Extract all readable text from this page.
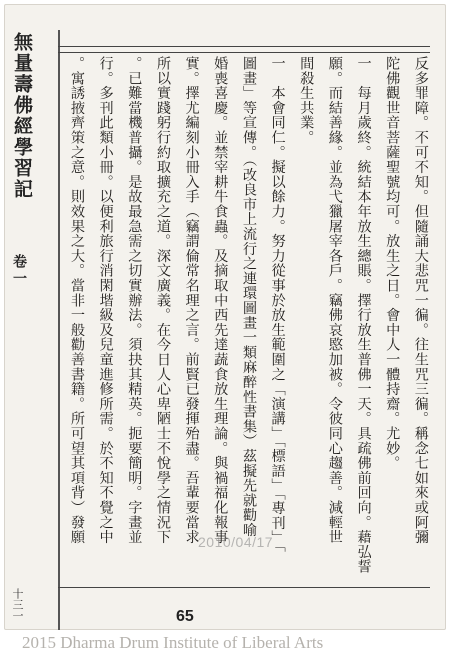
無量壽佛經學習記
卷一
十三一
反多罪障。不可不知。但隨誦大悲咒一徧。往生咒三徧。稱念七如來或阿彌
陀佛觀世音菩薩聖號均可。放生之日。會中人一體持齋。尤妙。
一　每月歲終。統結本年放生總賬。擇行放生普佛一天。具疏佛前回向。藉弘誓
願。而結善緣。並為弋獵屠宰各戶。竊佛哀愍加被。令彼同心趨善。減輕世
間殺生共業。
一　本會同仁。擬以餘力。努力從事於放生範圍之「演講」「標語」「專刊」「
圖畫」等宣傳。（改良市上流行之連環圖畫一類麻醉性書集）茲擬先就勸喻
婚喪喜慶。並禁宰耕牛食蟲。及摘取中西先達蔬食放生理論。與禍福化報事
實。擇尤編刻小冊入手（竊謂倫常名理之言。前賢已發揮殆盡。吾輩要當求
所以實踐躬行約取擴充之道。深文廣義。在今日人心卑陋士不悅學之情況下
。已難當機普攝。是故最急需之切實辦法。須抉其精英。扼要簡明。字畫並
行。多刊此類小冊。以便利旅行消閑堦級及兒童進修所需。於不知不覺之中
。寓誘掖齊策之意。則效果之大。當非一般勸善書籍。所可望其項背）發願	2010/04/17
65
2015 Dharma Drum Institute of Liberal Arts
